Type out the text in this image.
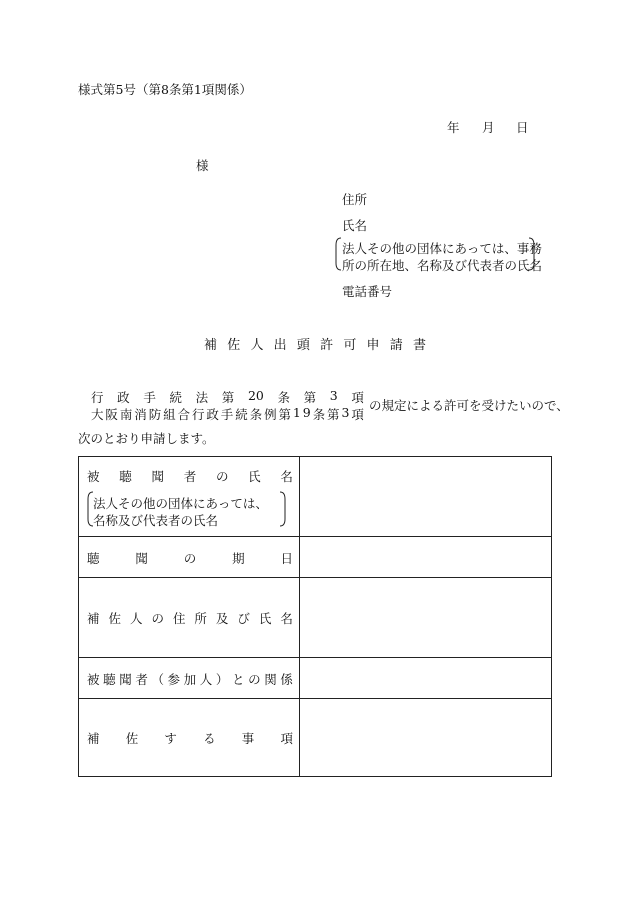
様式第5号（第8条第1項関係）
年 月 日
様
住所
氏名
法人その他の団体にあっては、事務
所の所在地、名称及び代表者の氏名
電話番号
補 佐 人 出 頭 許 可 申 請 書
行 政 手 続 法 第 20 条 第 3 項
大 阪 南 消 防 組 合 行 政 手 続 条 例 第 1 9 条 第 3 項
の規定による許可を受けたいので、
次のとおり申請します。
被 聴 聞 者 の 氏 名
法人その他の団体にあっては、
名称及び代表者の氏名
聴	聞	の	期	日
補 佐 人 の 住 所 及 び 氏 名
被 聴 聞 者 （ 参 加 人 ） と の 関 係
補 佐 す る 事 項
